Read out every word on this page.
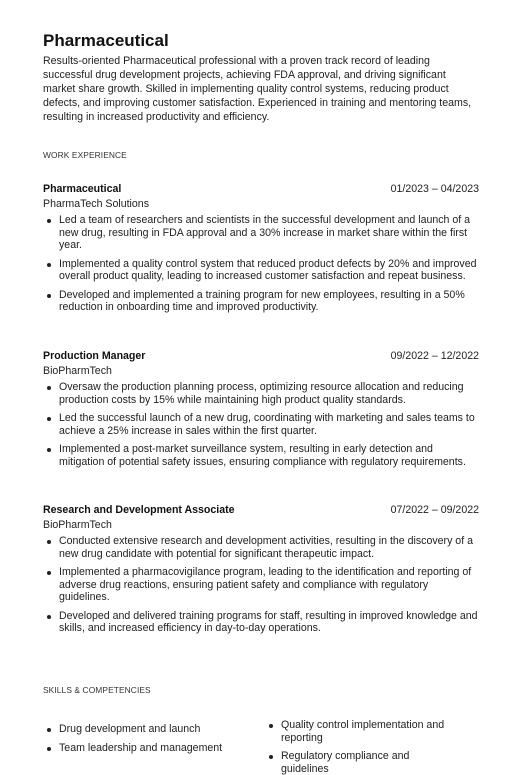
Pharmaceutical

Results-oriented Pharmaceutical professional with a proven track record of leading successful drug development projects, achieving FDA approval, and driving significant market share growth. Skilled in implementing quality control systems, reducing product defects, and improving customer satisfaction. Experienced in training and mentoring teams, resulting in increased productivity and efficiency.

WORK EXPERIENCE
Pharmaceutical	01/2023 – 04/2023
PharmaTech Solutions
Led a team of researchers and scientists in the successful development and launch of a new drug, resulting in FDA approval and a 30% increase in market share within the first year.
Implemented a quality control system that reduced product defects by 20% and improved overall product quality, leading to increased customer satisfaction and repeat business.
Developed and implemented a training program for new employees, resulting in a 50% reduction in onboarding time and improved productivity.
Production Manager	09/2022 – 12/2022
BioPharmTech
Oversaw the production planning process, optimizing resource allocation and reducing production costs by 15% while maintaining high product quality standards.
Led the successful launch of a new drug, coordinating with marketing and sales teams to achieve a 25% increase in sales within the first quarter.
Implemented a post-market surveillance system, resulting in early detection and mitigation of potential safety issues, ensuring compliance with regulatory requirements.
Research and Development Associate	07/2022 – 09/2022
BioPharmTech
Conducted extensive research and development activities, resulting in the discovery of a new drug candidate with potential for significant therapeutic impact.
Implemented a pharmacovigilance program, leading to the identification and reporting of adverse drug reactions, ensuring patient safety and compliance with regulatory guidelines.
Developed and delivered training programs for staff, resulting in improved knowledge and skills, and increased efficiency in day-to-day operations.
SKILLS & COMPETENCIES
Drug development and launch
Team leadership and management
Quality control implementation and reporting
Regulatory compliance and guidelines
